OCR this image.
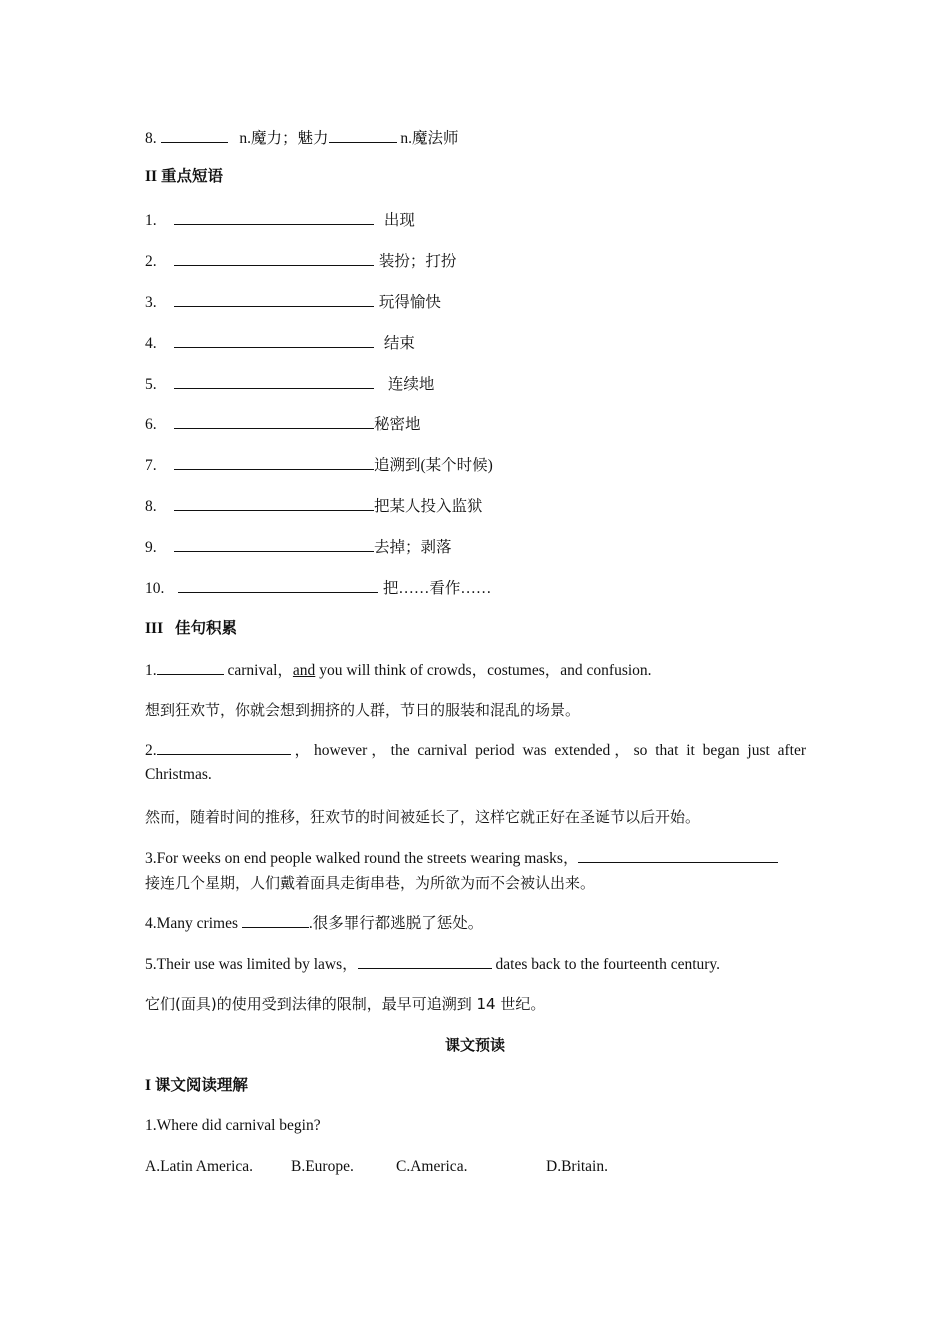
8.	n.魔力；魅力	n.魔法师
II 重点短语
1.	出现
2.	装扮；打扮
3.	玩得愉快
4.	结束
5.	连续地
6.	秘密地
7.	追溯到(某个时候)
8.	把某人投入监狱
9.	去掉；剥落
10.	把……看作……
III 佳句积累
1.	carnival，and you will think of crowds，costumes，and confusion.
想到狂欢节，你就会想到拥挤的人群，节日的服装和混乱的场景。
2.	，however，the carnival period was extended，so that it began just after Christmas.
然而，随着时间的推移，狂欢节的时间被延长了，这样它就正好在圣诞节以后开始。
3.For weeks on end people walked round the streets wearing masks，
接连几个星期，人们戴着面具走街串巷，为所欲为而不会被认出来。
4.Many crimes	.很多罪行都逃脱了惩处。
5.Their use was limited by laws，	dates back to the fourteenth century.
它们(面具)的使用受到法律的限制，最早可追溯到 14 世纪。
课文预读
I 课文阅读理解
1.Where did carnival begin?
A.Latin America. B.Europe.	C.America.	D.Britain.
